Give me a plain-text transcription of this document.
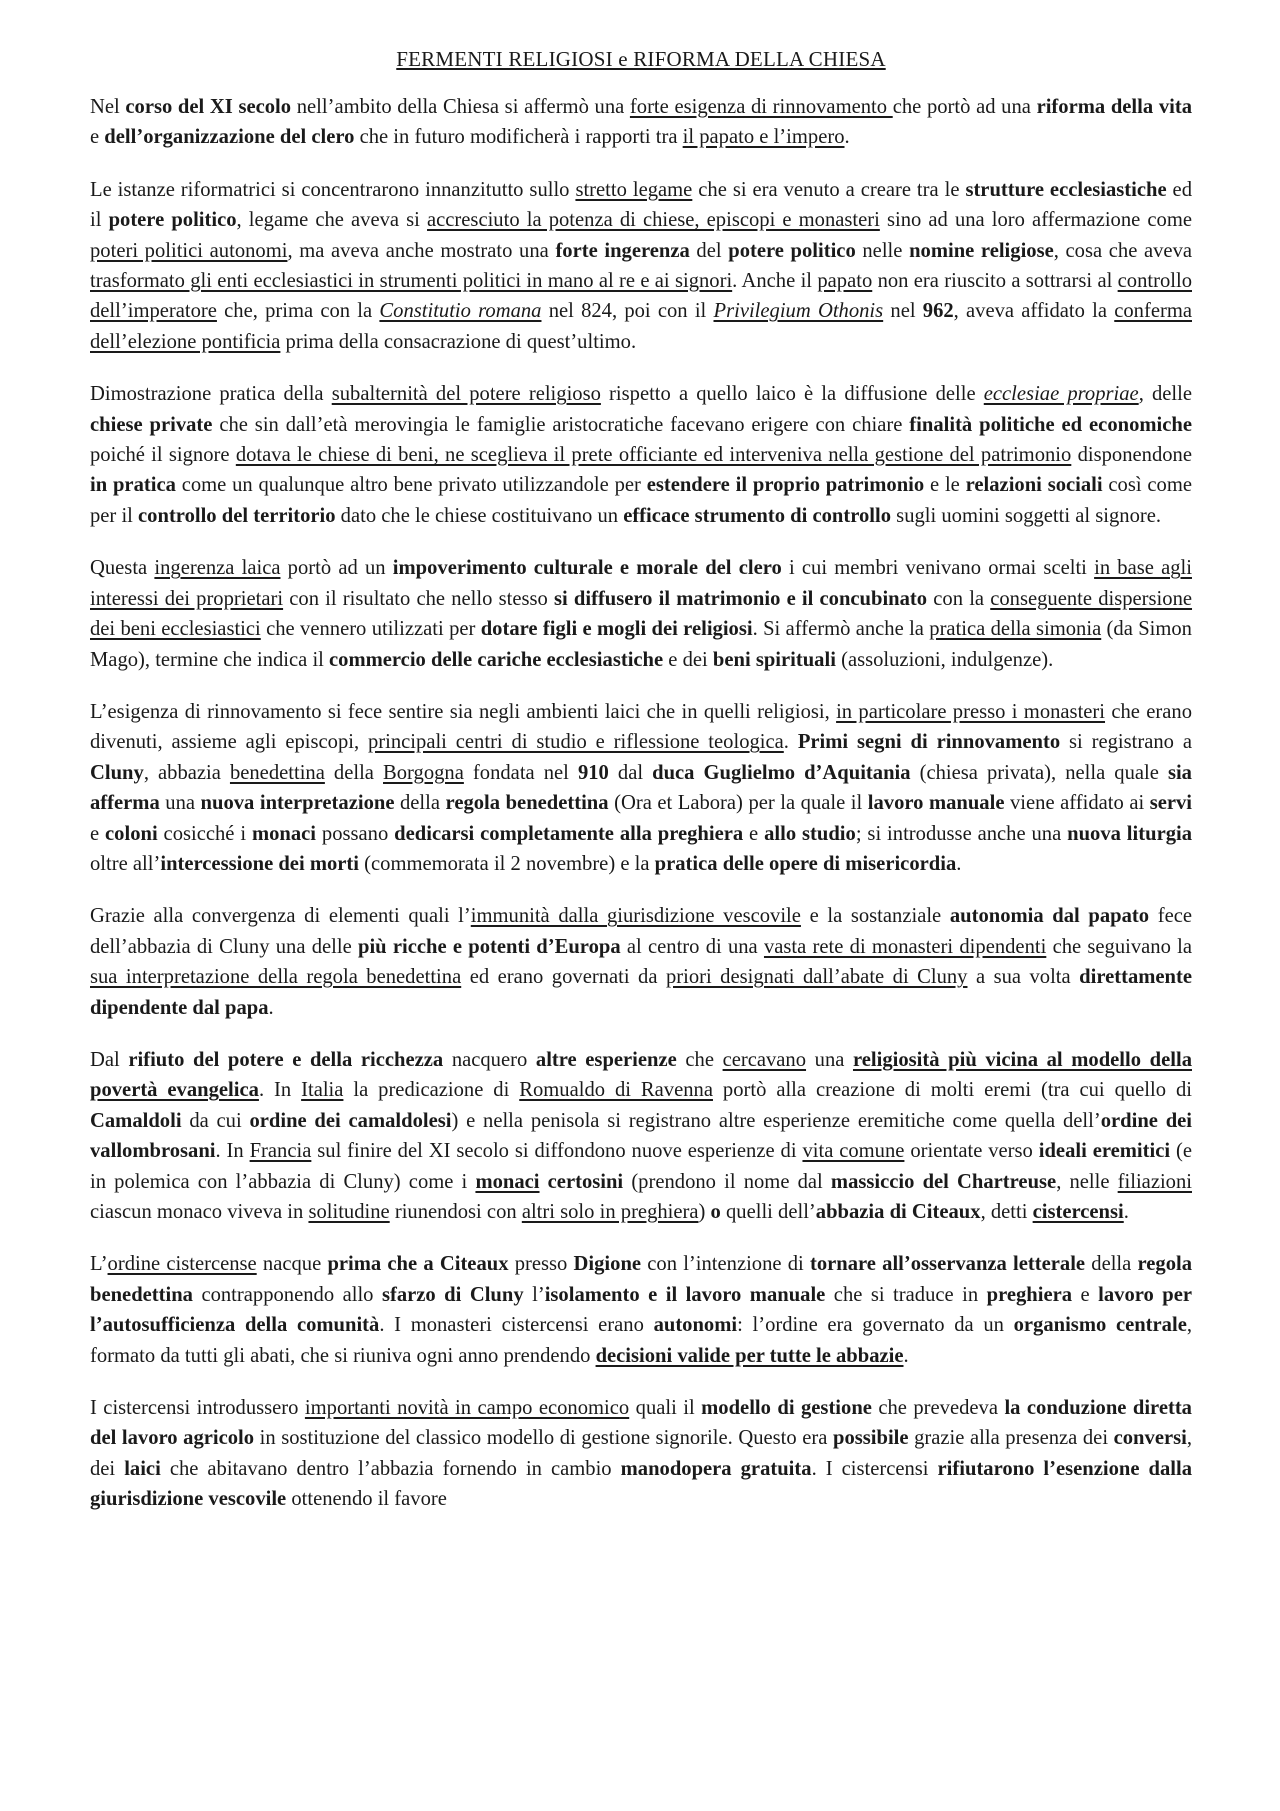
FERMENTI RELIGIOSI e RIFORMA DELLA CHIESA

Nel corso del XI secolo nell’ambito della Chiesa si affermò una forte esigenza di rinnovamento che portò ad una riforma della vita e dell’organizzazione del clero che in futuro modificherà i rapporti tra il papato e l’impero.

Le istanze riformatrici si concentrarono innanzitutto sullo stretto legame che si era venuto a creare tra le strutture ecclesiastiche ed il potere politico, legame che aveva si accresciuto la potenza di chiese, episcopi e monasteri sino ad una loro affermazione come poteri politici autonomi, ma aveva anche mostrato una forte ingerenza del potere politico nelle nomine religiose, cosa che aveva trasformato gli enti ecclesiastici in strumenti politici in mano al re e ai signori. Anche il papato non era riuscito a sottrarsi al controllo dell’imperatore che, prima con la Constitutio romana nel 824, poi con il Privilegium Othonis nel 962, aveva affidato la conferma dell’elezione pontificia prima della consacrazione di quest’ultimo.

Dimostrazione pratica della subalternità del potere religioso rispetto a quello laico è la diffusione delle ecclesiae propriae, delle chiese private che sin dall’età merovingia le famiglie aristocratiche facevano erigere con chiare finalità politiche ed economiche poiché il signore dotava le chiese di beni, ne sceglieva il prete officiante ed interveniva nella gestione del patrimonio disponendone in pratica come un qualunque altro bene privato utilizzandole per estendere il proprio patrimonio e le relazioni sociali così come per il controllo del territorio dato che le chiese costituivano un efficace strumento di controllo sugli uomini soggetti al signore.

Questa ingerenza laica portò ad un impoverimento culturale e morale del clero i cui membri venivano ormai scelti in base agli interessi dei proprietari con il risultato che nello stesso si diffusero il matrimonio e il concubinato con la conseguente dispersione dei beni ecclesiastici che vennero utilizzati per dotare figli e mogli dei religiosi. Si affermò anche la pratica della simonia (da Simon Mago), termine che indica il commercio delle cariche ecclesiastiche e dei beni spirituali (assoluzioni, indulgenze).

L’esigenza di rinnovamento si fece sentire sia negli ambienti laici che in quelli religiosi, in particolare presso i monasteri che erano divenuti, assieme agli episcopi, principali centri di studio e riflessione teologica. Primi segni di rinnovamento si registrano a Cluny, abbazia benedettina della Borgogna fondata nel 910 dal duca Guglielmo d’Aquitania (chiesa privata), nella quale sia afferma una nuova interpretazione della regola benedettina (Ora et Labora) per la quale il lavoro manuale viene affidato ai servi e coloni cosicché i monaci possano dedicarsi completamente alla preghiera e allo studio; si introdusse anche una nuova liturgia oltre all’intercessione dei morti (commemorata il 2 novembre) e la pratica delle opere di misericordia.

Grazie alla convergenza di elementi quali l’immunità dalla giurisdizione vescovile e la sostanziale autonomia dal papato fece dell’abbazia di Cluny una delle più ricche e potenti d’Europa al centro di una vasta rete di monasteri dipendenti che seguivano la sua interpretazione della regola benedettina ed erano governati da priori designati dall’abate di Cluny a sua volta direttamente dipendente dal papa.

Dal rifiuto del potere e della ricchezza nacquero altre esperienze che cercavano una religiosità più vicina al modello della povertà evangelica. In Italia la predicazione di Romualdo di Ravenna portò alla creazione di molti eremi (tra cui quello di Camaldoli da cui ordine dei camaldolesi) e nella penisola si registrano altre esperienze eremitiche come quella dell’ordine dei vallombrosani. In Francia sul finire del XI secolo si diffondono nuove esperienze di vita comune orientate verso ideali eremitici (e in polemica con l’abbazia di Cluny) come i monaci certosini (prendono il nome dal massiccio del Chartreuse, nelle filiazioni ciascun monaco viveva in solitudine riunendosi con altri solo in preghiera) o quelli dell’abbazia di Citeaux, detti cistercensi.

L’ordine cistercense nacque prima che a Citeaux presso Digione con l’intenzione di tornare all’osservanza letterale della regola benedettina contrapponendo allo sfarzo di Cluny l’isolamento e il lavoro manuale che si traduce in preghiera e lavoro per l’autosufficienza della comunità. I monasteri cistercensi erano autonomi: l’ordine era governato da un organismo centrale, formato da tutti gli abati, che si riuniva ogni anno prendendo decisioni valide per tutte le abbazie.

I cistercensi introdussero importanti novità in campo economico quali il modello di gestione che prevedeva la conduzione diretta del lavoro agricolo in sostituzione del classico modello di gestione signorile. Questo era possibile grazie alla presenza dei conversi, dei laici che abitavano dentro l’abbazia fornendo in cambio manodopera gratuita. I cistercensi rifiutarono l’esenzione dalla giurisdizione vescovile ottenendo il favore
